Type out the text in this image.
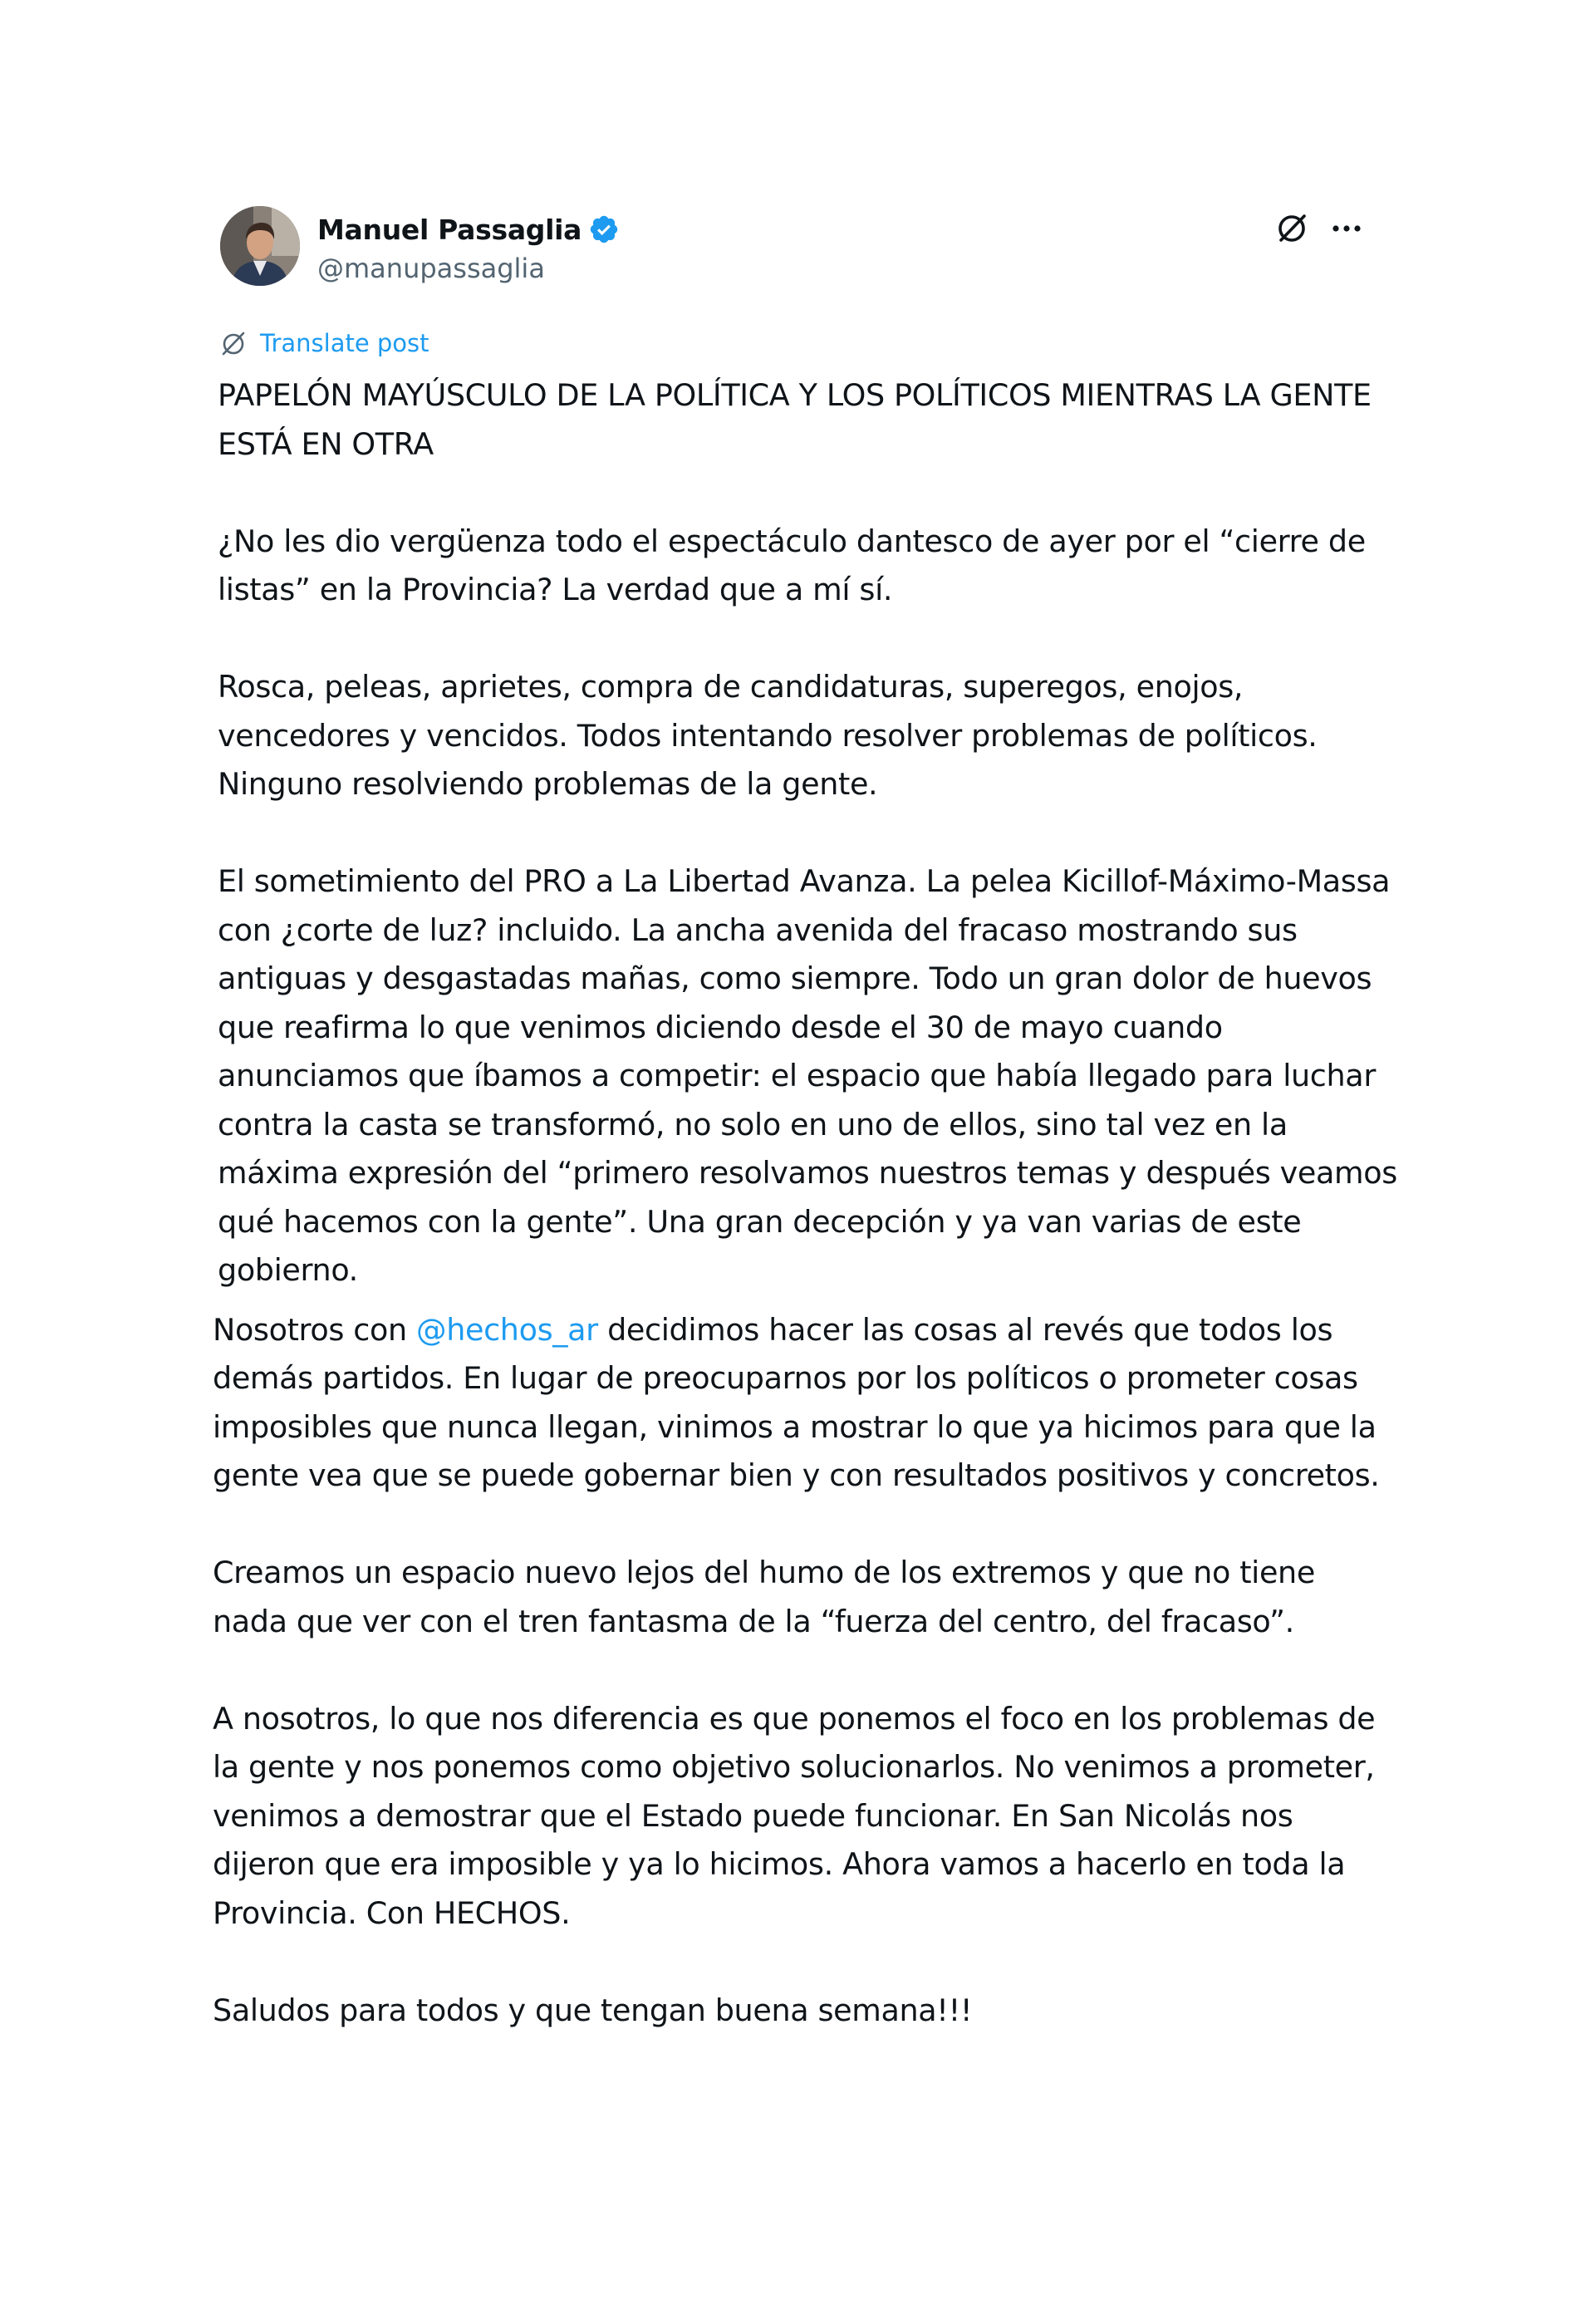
Manuel Passaglia
@manupassaglia
Translate post

PAPELÓN MAYÚSCULO DE LA POLÍTICA Y LOS POLÍTICOS MIENTRAS LA GENTE ESTÁ EN OTRA

¿No les dio vergüenza todo el espectáculo dantesco de ayer por el “cierre de listas” en la Provincia? La verdad que a mí sí.

Rosca, peleas, aprietes, compra de candidaturas, superegos, enojos, vencedores y vencidos. Todos intentando resolver problemas de políticos. Ninguno resolviendo problemas de la gente.

El sometimiento del PRO a La Libertad Avanza. La pelea Kicillof-Máximo-Massa con ¿corte de luz? incluido. La ancha avenida del fracaso mostrando sus antiguas y desgastadas mañas, como siempre. Todo un gran dolor de huevos que reafirma lo que venimos diciendo desde el 30 de mayo cuando anunciamos que íbamos a competir: el espacio que había llegado para luchar contra la casta se transformó, no solo en uno de ellos, sino tal vez en la máxima expresión del “primero resolvamos nuestros temas y después veamos qué hacemos con la gente”. Una gran decepción y ya van varias de este gobierno.

Nosotros con @hechos_ar decidimos hacer las cosas al revés que todos los demás partidos. En lugar de preocuparnos por los políticos o prometer cosas imposibles que nunca llegan, vinimos a mostrar lo que ya hicimos para que la gente vea que se puede gobernar bien y con resultados positivos y concretos.

Creamos un espacio nuevo lejos del humo de los extremos y que no tiene nada que ver con el tren fantasma de la “fuerza del centro, del fracaso”.

A nosotros, lo que nos diferencia es que ponemos el foco en los problemas de la gente y nos ponemos como objetivo solucionarlos. No venimos a prometer, venimos a demostrar que el Estado puede funcionar. En San Nicolás nos dijeron que era imposible y ya lo hicimos. Ahora vamos a hacerlo en toda la Provincia. Con HECHOS.

Saludos para todos y que tengan buena semana!!!
